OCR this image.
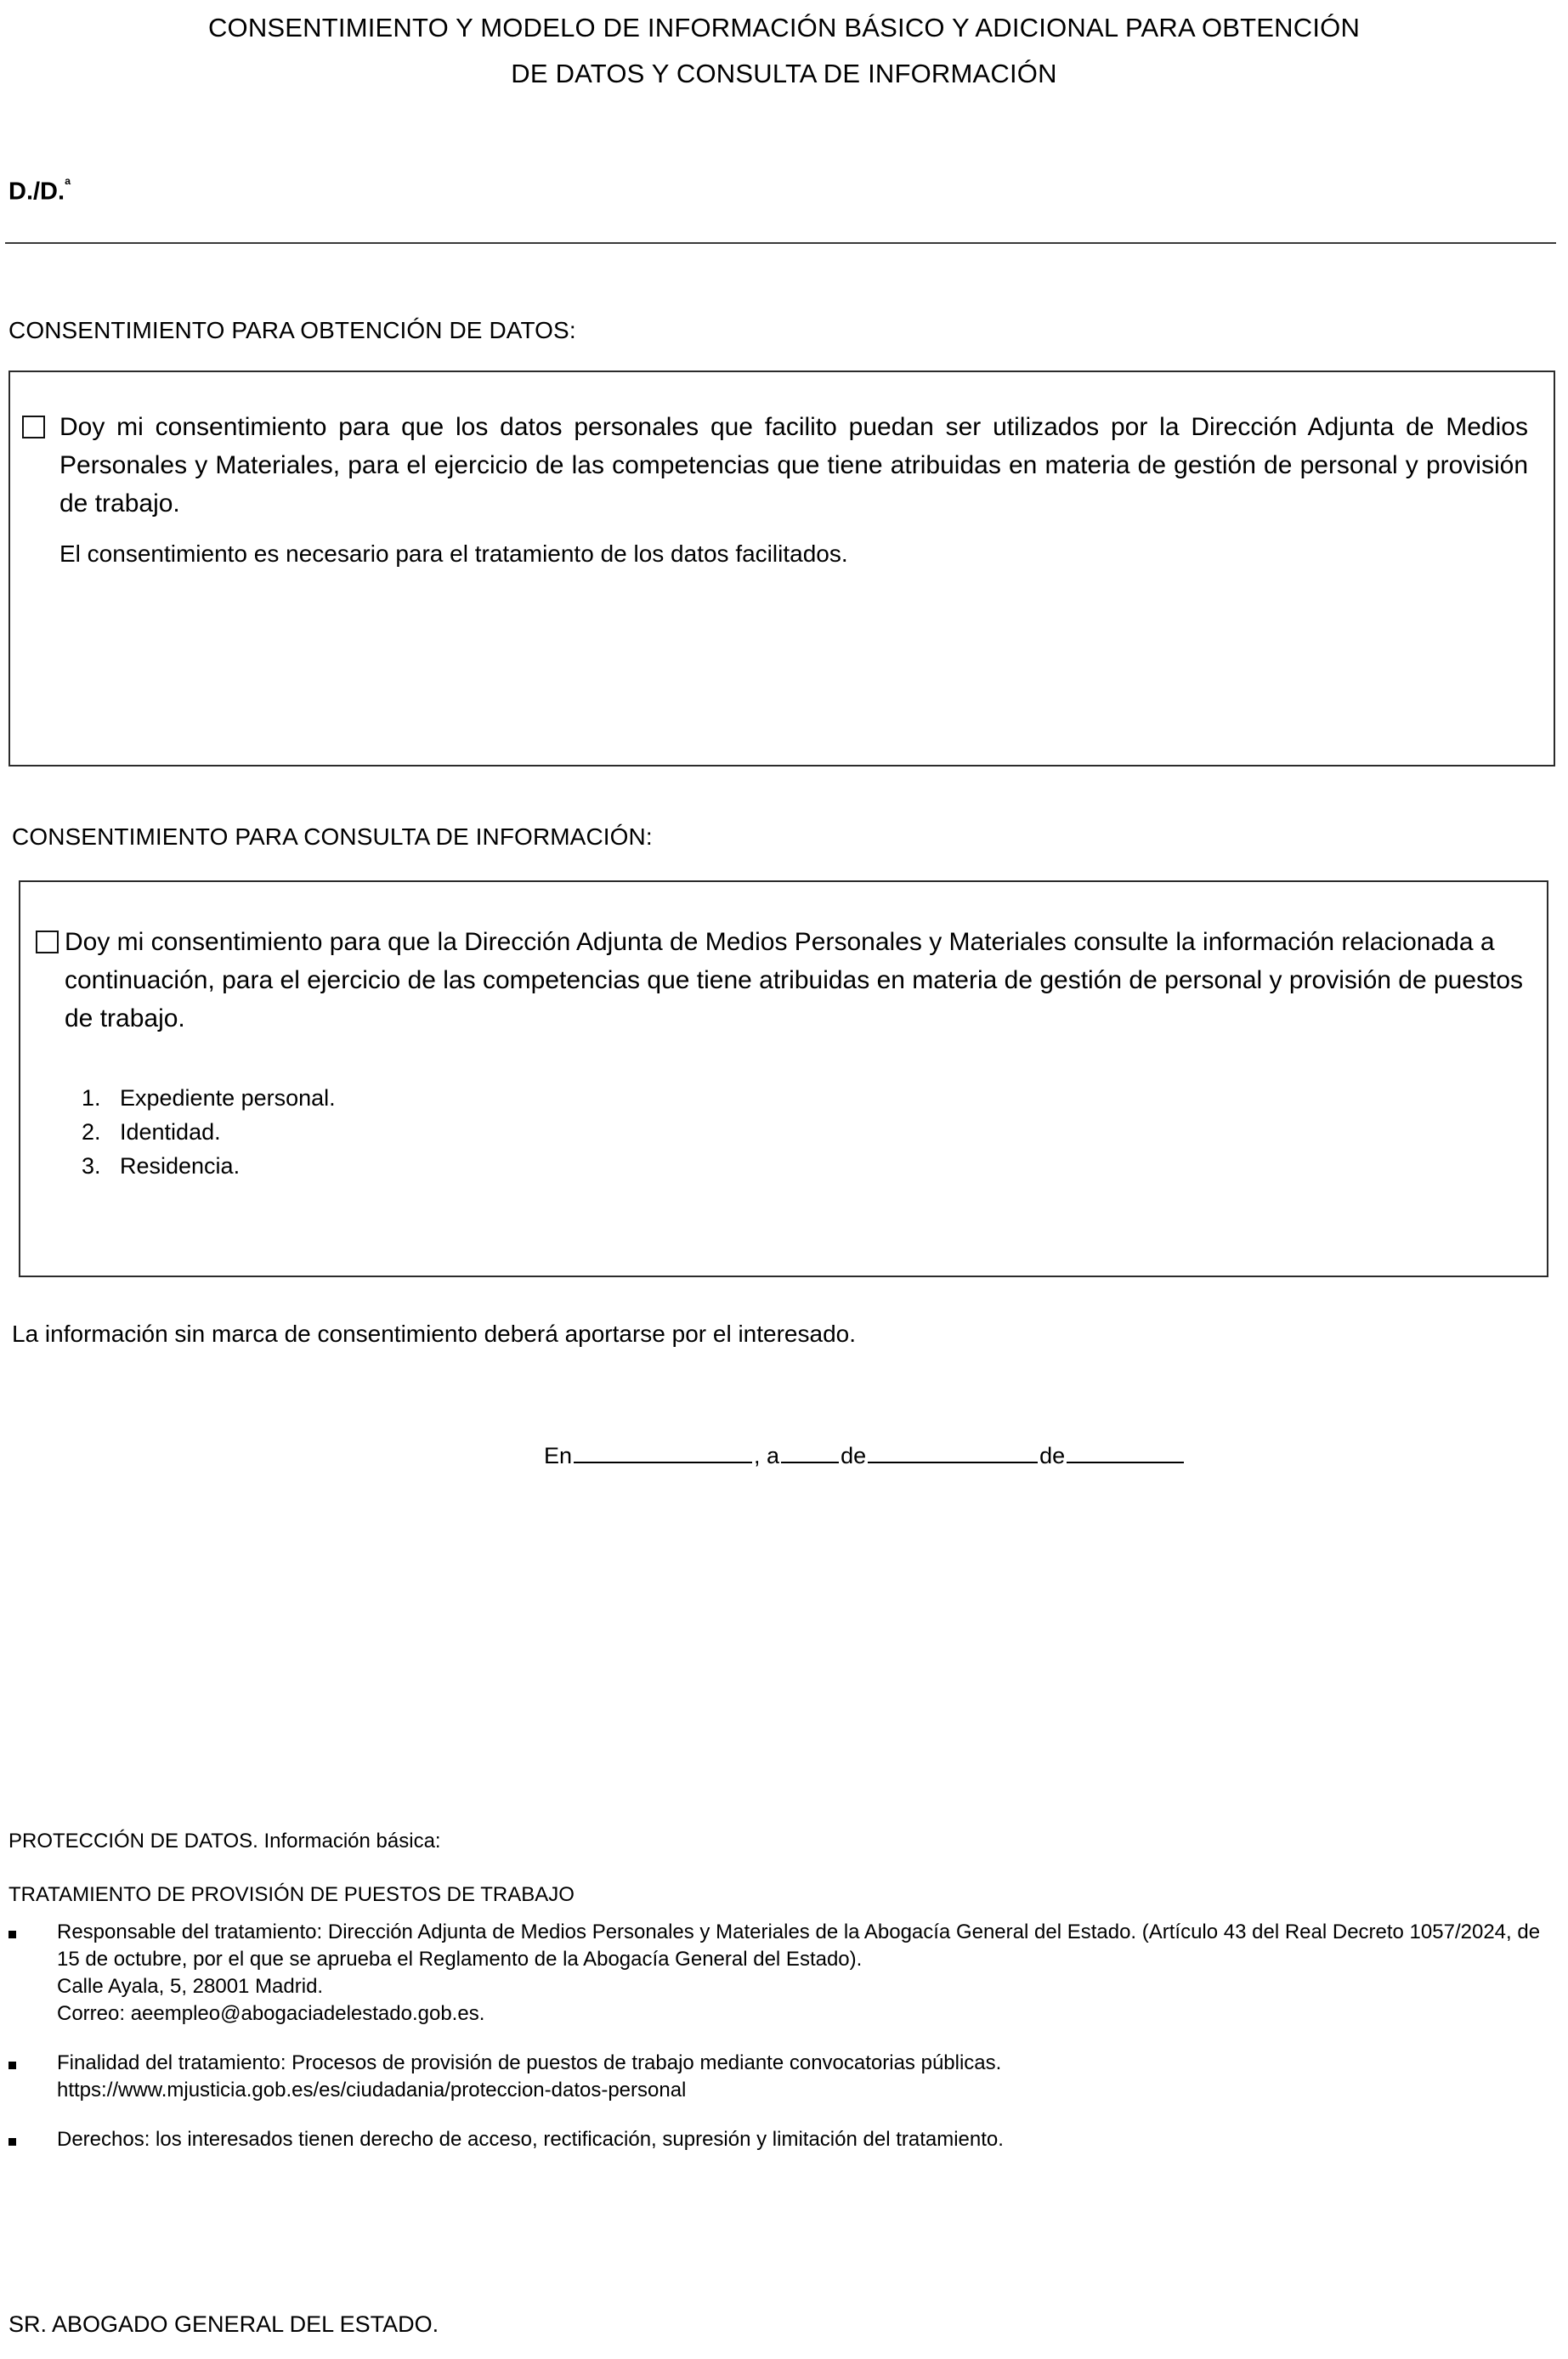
CONSENTIMIENTO Y MODELO DE INFORMACIÓN BÁSICO Y ADICIONAL PARA OBTENCIÓN
DE DATOS Y CONSULTA DE INFORMACIÓN
D./D.$^ª$
CONSENTIMIENTO PARA OBTENCIÓN DE DATOS:
Doy mi consentimiento para que los datos personales que facilito puedan ser utilizados por la Dirección Adjunta de Medios Personales y Materiales, para el ejercicio de las competencias que tiene atribuidas en materia de gestión de personal y provisión de trabajo.
El consentimiento es necesario para el tratamiento de los datos facilitados.
CONSENTIMIENTO PARA CONSULTA DE INFORMACIÓN:
Doy mi consentimiento para que la Dirección Adjunta de Medios Personales y Materiales consulte la información relacionada a continuación, para el ejercicio de las competencias que tiene atribuidas en materia de gestión de personal y provisión de puestos de trabajo.
1. Expediente personal.
2. Identidad.
3. Residencia.
La información sin marca de consentimiento deberá aportarse por el interesado.
En	, a	de	de
PROTECCIÓN DE DATOS. Información básica:
TRATAMIENTO DE PROVISIÓN DE PUESTOS DE TRABAJO
Responsable del tratamiento: Dirección Adjunta de Medios Personales y Materiales de la Abogacía General del Estado. (Artículo 43 del Real Decreto 1057/2024, de 15 de octubre, por el que se aprueba el Reglamento de la Abogacía General del Estado).
Calle Ayala, 5, 28001 Madrid.
Correo: aeempleo@abogaciadelestado.gob.es.
Finalidad del tratamiento: Procesos de provisión de puestos de trabajo mediante convocatorias públicas.
https://www.mjusticia.gob.es/es/ciudadania/proteccion-datos-personal
Derechos: los interesados tienen derecho de acceso, rectificación, supresión y limitación del tratamiento.
SR. ABOGADO GENERAL DEL ESTADO.
